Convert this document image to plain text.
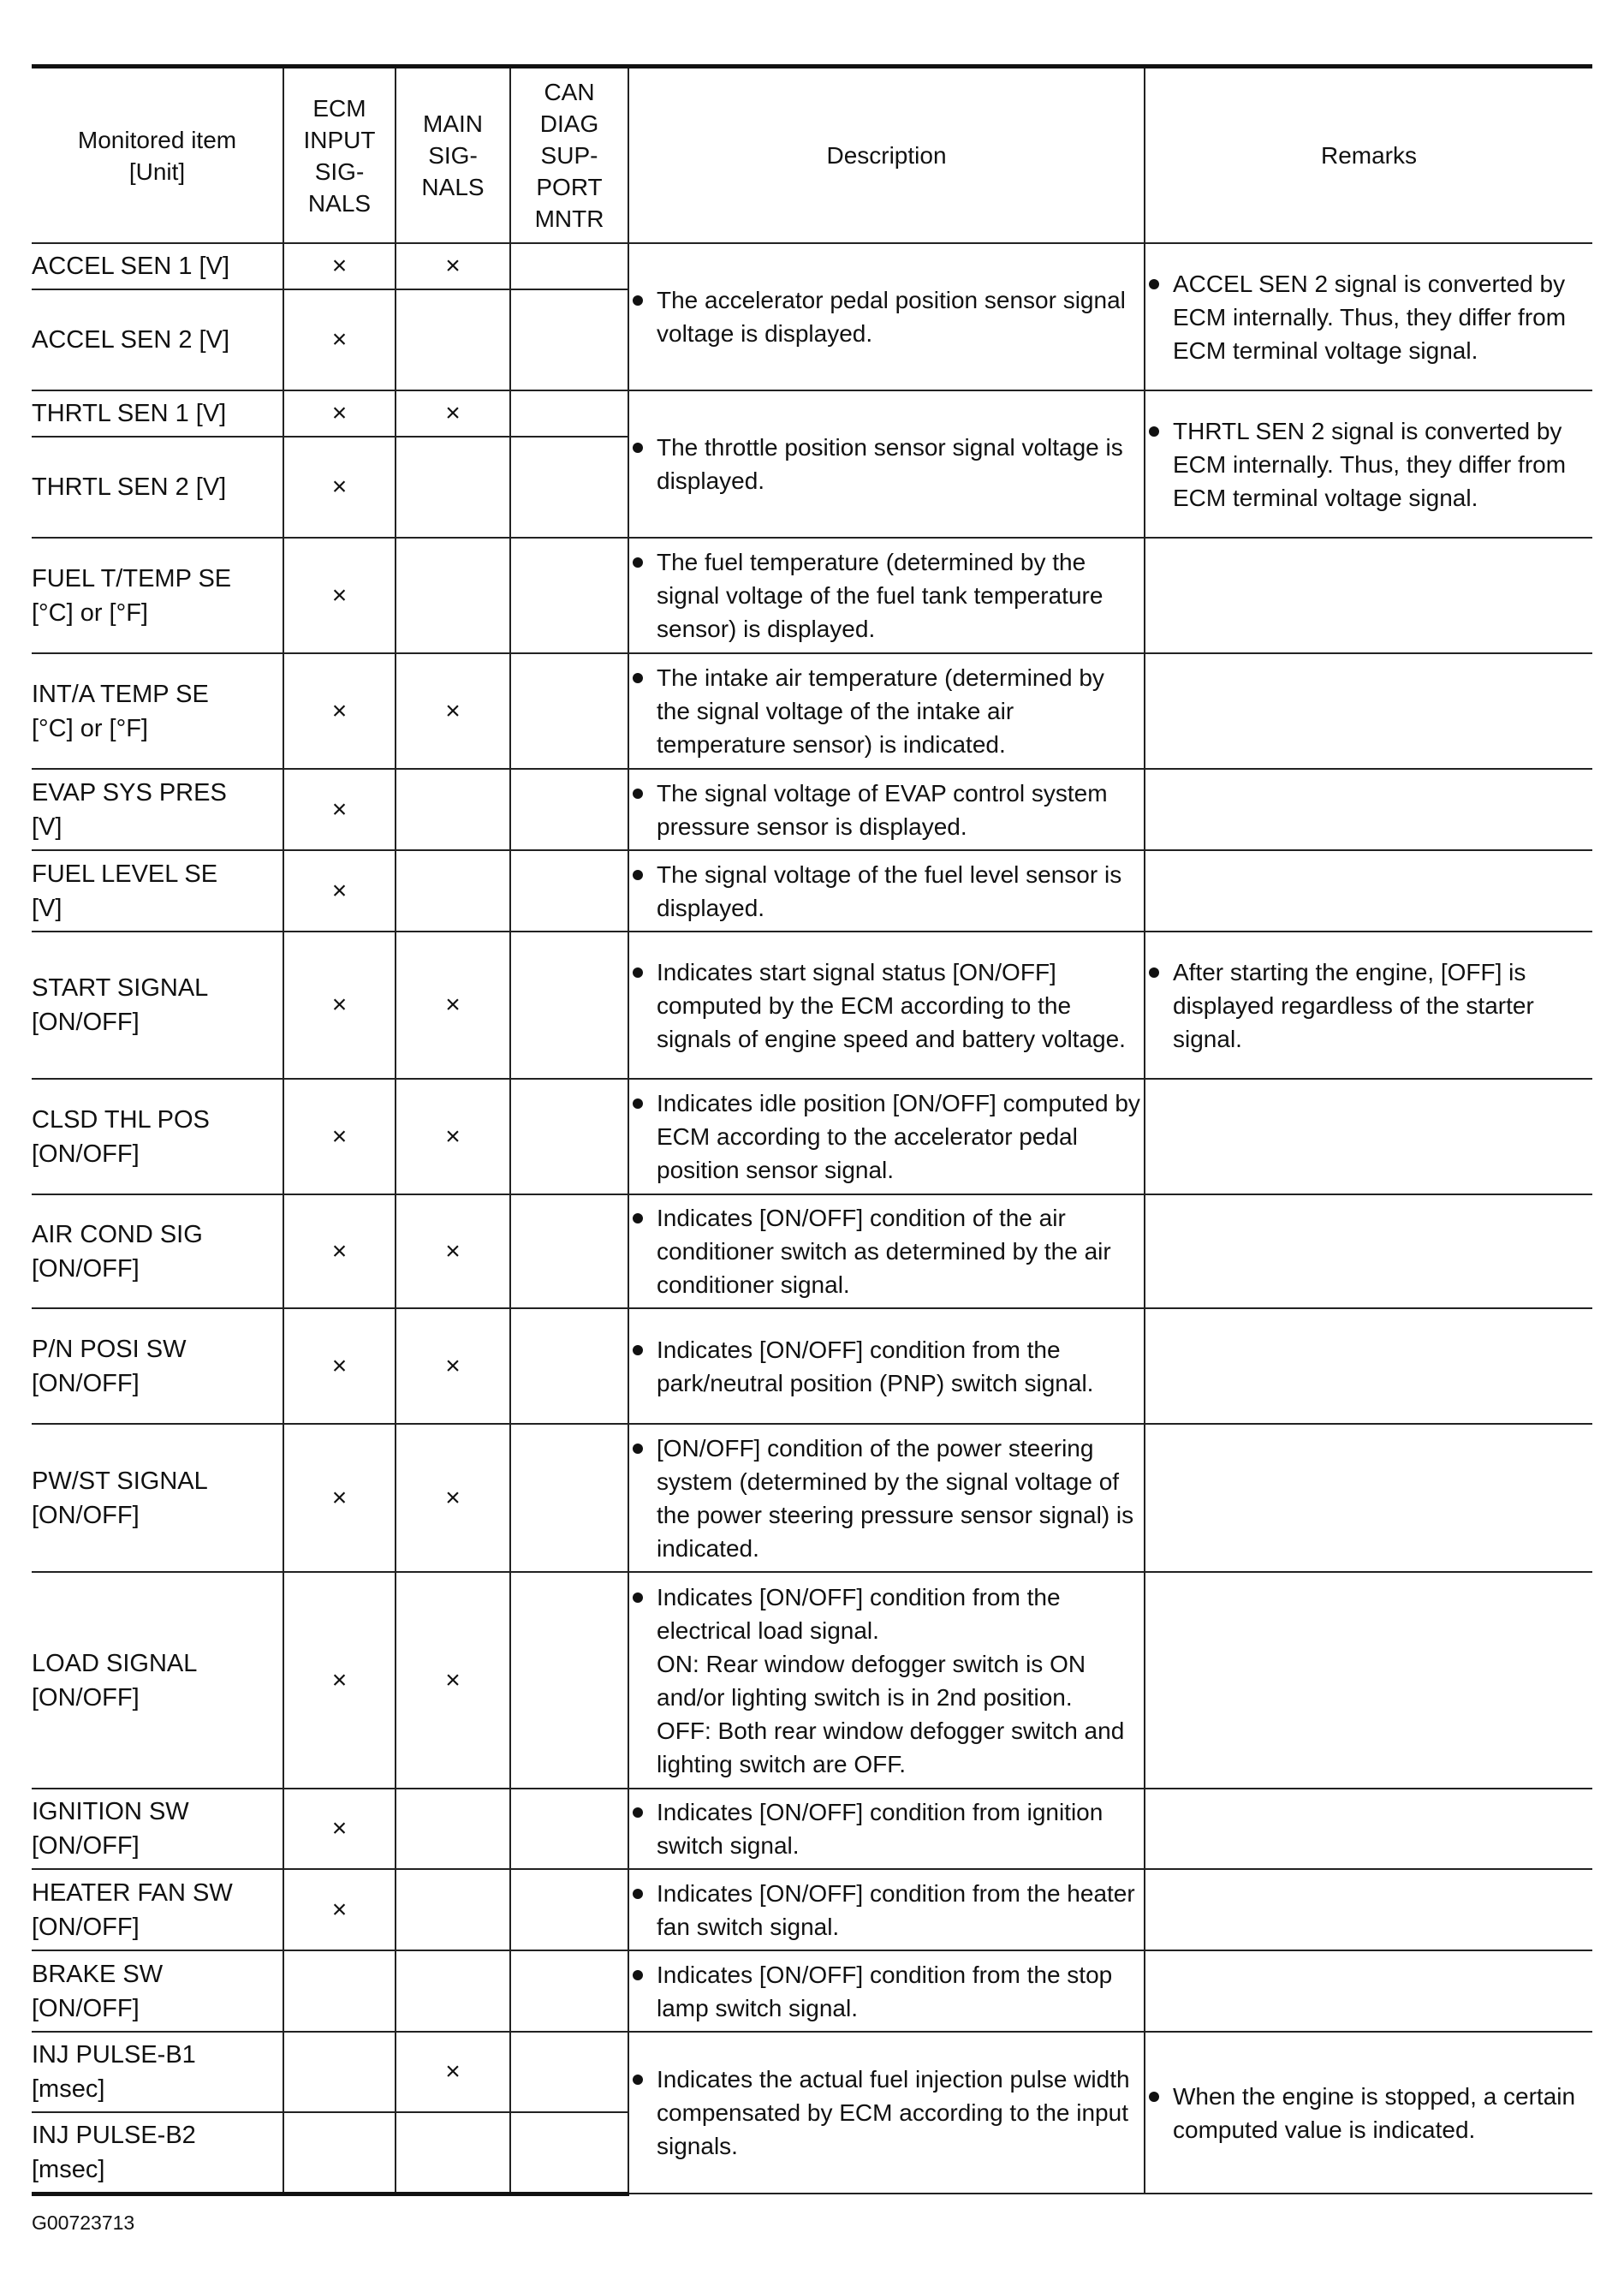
Monitored item
[Unit]	ECM
INPUT
SIG-
NALS	MAIN
SIG-
NALS	CAN
DIAG
SUP-
PORT
MNTR	Description	Remarks
ACCEL SEN 1 [V]	×	×		The accelerator pedal position sensor signal voltage is displayed.	ACCEL SEN 2 signal is converted by ECM internally. Thus, they differ from ECM terminal voltage signal.

ACCEL SEN 2 [V]	×				
THRTL SEN 1 [V]	×	×		The throttle position sensor signal voltage is displayed.	THRTL SEN 2 signal is converted by ECM internally. Thus, they differ from ECM terminal voltage signal.

THRTL SEN 2 [V]	×				

FUEL T/TEMP SE
[°C] or [°F]	×			The fuel temperature (determined by the signal voltage of the fuel tank temperature sensor) is displayed.	

INT/A TEMP SE
[°C] or [°F]	×	×		The intake air temperature (determined by the signal voltage of the intake air temperature sensor) is indicated.	

EVAP SYS PRES
[V]	×			The signal voltage of EVAP control system pressure sensor is displayed.	

FUEL LEVEL SE
[V]	×			The signal voltage of the fuel level sensor is displayed.	

START SIGNAL
[ON/OFF]	×	×		Indicates start signal status [ON/OFF] computed by the ECM according to the signals of engine speed and battery voltage.	After starting the engine, [OFF] is displayed regardless of the starter signal.

CLSD THL POS
[ON/OFF]	×	×		Indicates idle position [ON/OFF] computed by ECM according to the accelerator pedal position sensor signal.	

AIR COND SIG
[ON/OFF]	×	×		Indicates [ON/OFF] condition of the air conditioner switch as determined by the air conditioner signal.	

P/N POSI SW
[ON/OFF]	×	×		Indicates [ON/OFF] condition from the park/neutral position (PNP) switch signal.	

PW/ST SIGNAL
[ON/OFF]	×	×		[ON/OFF] condition of the power steering system (determined by the signal voltage of the power steering pressure sensor signal) is indicated.	

LOAD SIGNAL
[ON/OFF]	×	×		Indicates [ON/OFF] condition from the electrical load signal.
ON: Rear window defogger switch is ON and/or lighting switch is in 2nd position.
OFF: Both rear window defogger switch and lighting switch are OFF.	

IGNITION SW
[ON/OFF]	×			Indicates [ON/OFF] condition from ignition switch signal.	

HEATER FAN SW
[ON/OFF]	×			Indicates [ON/OFF] condition from the heater fan switch signal.	

BRAKE SW
[ON/OFF]				Indicates [ON/OFF] condition from the stop lamp switch signal.	

INJ PULSE-B1
[msec]		×		Indicates the actual fuel injection pulse width compensated by ECM according to the input signals.	When the engine is stopped, a certain computed value is indicated.

INJ PULSE-B2
[msec]					

G00723713
